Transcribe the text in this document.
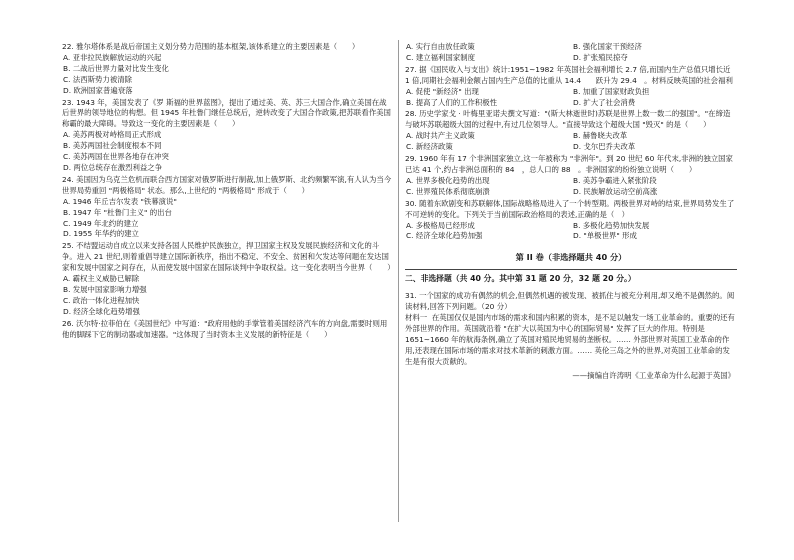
22. 雅尔塔体系是战后帝国主义划分势力范围的基本框架,该体系建立的主要因素是（　　）

A. 亚非拉民族解放运动的兴起

B. 二战后世界力量对比发生变化

C. 法西斯势力被清除

D. 欧洲国家普遍衰落

23. 1943 年，美国发表了《罗 斯福的世界蓝图》，提出了通过美、英、苏三大国合作,确立美国在战后世界的领导地位的构想。但 1945 年杜鲁门继任总统后，逆转改变了大国合作政策,把苏联看作美国称霸的最大障碍。导致这一变化的主要因素是（　　）

A. 美苏两极对峙格局正式形成

B. 美苏两国社会制度根本不同

C. 美苏两国在世界各地存在冲突

D. 两位总统存在激烈利益之争

24. 美国因为乌克兰危机而联合西方国家对俄罗斯进行制裁,加上俄罗斯、北约频繁军演,有人认为当今世界局势重回 "两极格局" 状态。那么,上世纪的 "两极格局" 形成于（　　）

A. 1946 年丘吉尔发表 "铁幕演说"

B. 1947 年 "杜鲁门主义" 的出台

C. 1949 年北约的建立

D. 1955 年华约的建立

25. 不结盟运动自成立以来支持各国人民维护民族独立，捍卫国家主权及发展民族经济和文化的斗争。进入 21 世纪,则着重倡导建立国际新秩序，指出不稳定、不安全、贫困和欠发达等问题在发达国家和发展中国家之间存在，从而使发展中国家在国际谈判中争取权益。这一变化表明当今世界（　　）

A. 霸权主义威胁已解除

B. 发展中国家影响力增强

C. 政治一体化进程加快

D. 经济全球化趋势增强

26. 沃尔特·拉菲伯在《美国世纪》中写道："政府用他的手掌管着美国经济汽车的方向盘,需要时则用他的脚踩下它的制动器或加速器。"这体现了当时资本主义发展的新特征是（　　）

A. 实行自由放任政策	B. 强化国家干预经济

C. 建立福利国家制度	D. 扩张殖民掠夺

27. 据《国民收入与支出》统计:1951~1982 年英国社会福利增长 2.7 倍,而国内生产总值只增长近 1 倍,同期社会福利金额占国内生产总值的比重从 14.4　　跃升为 29.4　。材料反映英国的社会福利

A. 促使 "新经济" 出现	B. 加重了国家财政负担

B. 提高了人们的工作积极性	D. 扩大了社会消费

28. 历史学家戈 · 叶梅里亚诺夫撰文写道："(斯大林逝世时)苏联是世界上数一数二的强国"。"在缔造与破坏苏联超级大国的过程中,有过几位领导人。"直接导致这个超级大国 "毁灭" 的是（　　）

A. 战时共产主义政策	B. 赫鲁晓夫改革

C. 新经济政策	D. 戈尔巴乔夫改革

29. 1960 年有 17 个非洲国家独立,这一年被称为 "非洲年"。到 20 世纪 60 年代末,非洲的独立国家已达 41 个,约占非洲总面积的 84　，总人口的 88　。非洲国家的纷纷独立说明（　　）

A. 世界多极化趋势的出现	B. 美苏争霸进入紧张阶段

C. 世界殖民体系彻底崩溃	D. 民族解放运动空前高涨

30. 随着东欧剧变和苏联解体,国际战略格局进入了一个转型期。两极世界对峙的结束,世界局势发生了不可逆转的变化。下列关于当前国际政治格局的表述,正确的是（　）

A. 多极格局已经形成	B. 多极化趋势加快发展

C. 经济全球化趋势加强	D. "单极世界" 形成

第 II 卷（非选择题共 40 分）
二、非选择题（共 40 分。其中第 31 题 20 分，32 题 20 分。）

31. 一个国家的成功有偶然的机会,但偶然机遇的被发现、被抓住与被充分利用,却又绝不是偶然的。阅读材料,回答下列问题。（20 分）

材料一 在英国仅仅是国内市场的需求和国内积累的资本，是不足以触发一场工业革命的。重要的还有外部世界的作用。英国就沿着 "在扩大以英国为中心的国际贸易" 发挥了巨大的作用。特别是 1651~1660 年的航海条例,确立了英国对殖民地贸易的垄断权。…… 外部世界对英国工业革命的作用,还表现在国际市场的需求对技术革新的刺激方面。…… 英伦三岛之外的世界,对英国工业革命的发生是有很大贡献的。

——摘编自许涛明《工业革命为什么起源于英国》
